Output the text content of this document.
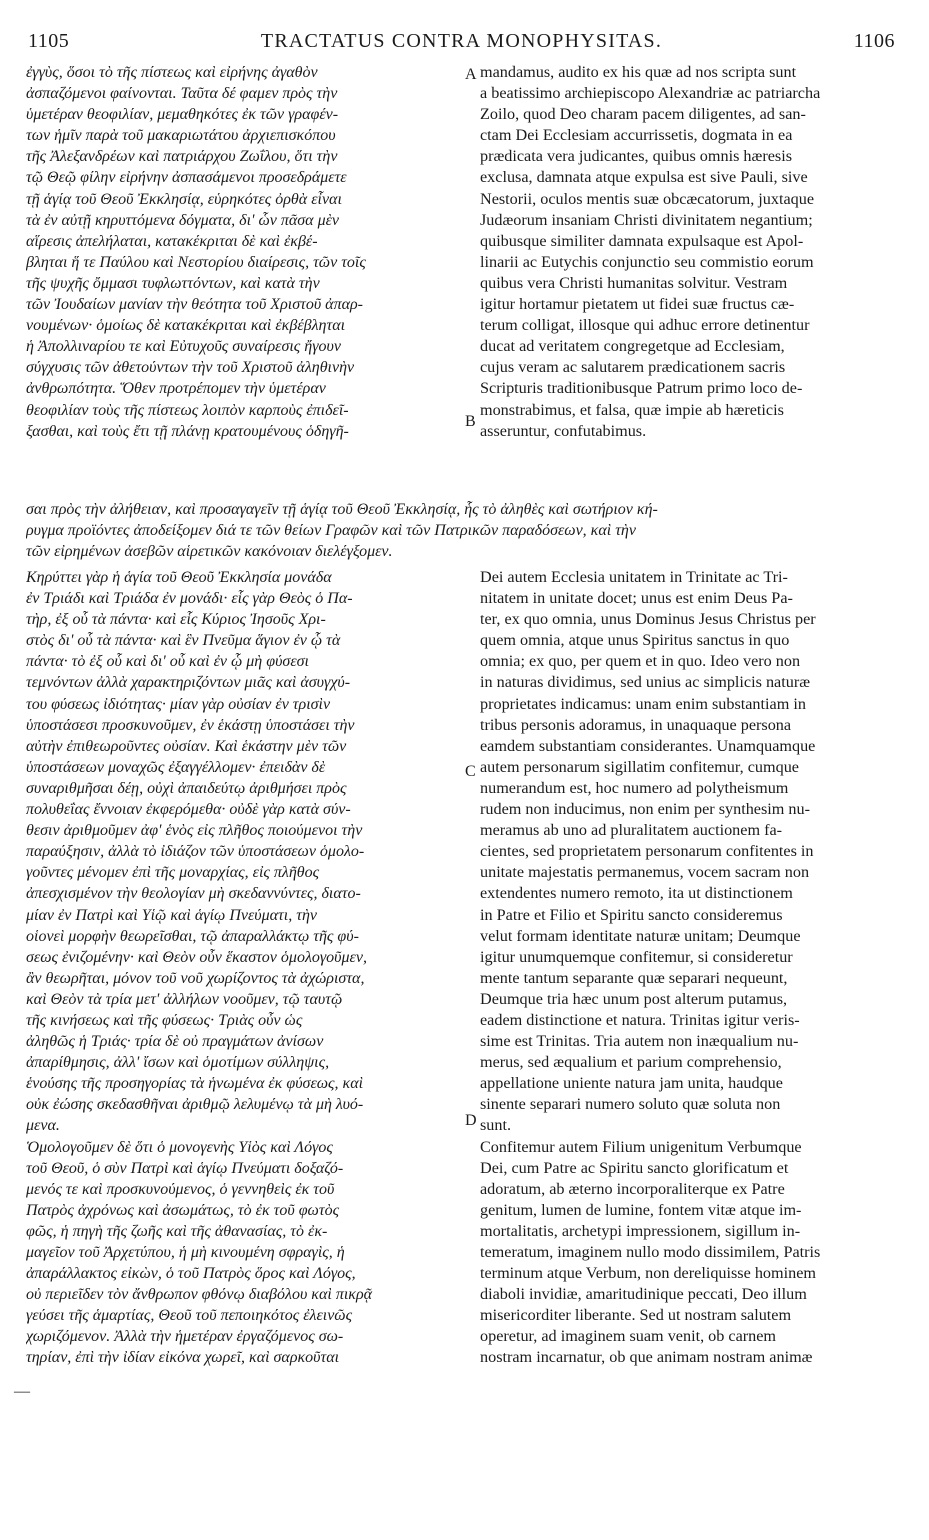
1105	TRACTATUS CONTRA MONOPHYSITAS.	1106
ἐγγὺς, ὅσοι τὸ τῆς πίστεως καὶ εἰρήνης ἀγαθὸν
ἀσπαζόμενοι φαίνονται. Ταῦτα δέ φαμεν πρὸς τὴν
ὑμετέραν θεοφιλίαν, μεμαθηκότες ἐκ τῶν γραφέν-
των ἡμῖν παρὰ τοῦ μακαριωτάτου ἀρχιεπισκόπου
τῆς Ἀλεξανδρέων καὶ πατριάρχου Ζωΐλου, ὅτι τὴν
τῷ Θεῷ φίλην εἰρήνην ἀσπασάμενοι προσεδράμετε
τῇ ἁγίᾳ τοῦ Θεοῦ Ἐκκλησίᾳ, εὑρηκότες ὀρθὰ εἶναι
τὰ ἐν αὐτῇ κηρυττόμενα δόγματα, δι' ὧν πᾶσα μὲν
αἵρεσις ἀπελήλαται, κατακέκριται δὲ καὶ ἐκβέ-
βληται ἥ τε Παύλου καὶ Νεστορίου διαίρεσις, τῶν τοῖς
τῆς ψυχῆς ὄμμασι τυφλωττόντων, καὶ κατὰ τὴν
τῶν Ἰουδαίων μανίαν τὴν θεότητα τοῦ Χριστοῦ ἀπαρ-
νουμένων· ὁμοίως δὲ κατακέκριται καὶ ἐκβέβληται
ἡ Ἀπολλιναρίου τε καὶ Εὐτυχοῦς συναίρεσις ἤγουν
σύγχυσις τῶν ἀθετούντων τὴν τοῦ Χριστοῦ ἀληθινὴν
ἀνθρωπότητα. Ὅθεν προτρέπομεν τὴν ὑμετέραν
θεοφιλίαν τοὺς τῆς πίστεως λοιπὸν καρποὺς ἐπιδεῖ-
ξασθαι, καὶ τοὺς ἔτι τῇ πλάνῃ κρατουμένους ὁδηγῆ-
mandamus, audito ex his quæ ad nos scripta sunt
a beatissimo archiepiscopo Alexandriæ ac patriarcha
Zoilo, quod Deo charam pacem diligentes, ad san-
ctam Dei Ecclesiam accurrissetis, dogmata in ea
prædicata vera judicantes, quibus omnis hæresis
exclusa, damnata atque expulsa est sive Pauli, sive
Nestorii, oculos mentis suæ obcæcatorum, juxtaque
Judæorum insaniam Christi divinitatem negantium;
quibusque similiter damnata expulsaque est Apol-
linarii ac Eutychis conjunctio seu commistio eorum
quibus vera Christi humanitas solvitur. Vestram
igitur hortamur pietatem ut fidei suæ fructus cæ-
terum colligat, illosque qui adhuc errore detinentur
ducat ad veritatem congregetque ad Ecclesiam,
cujus veram ac salutarem prædicationem sacris
Scripturis traditionibusque Patrum primo loco de-
monstrabimus, et falsa, quæ impie ab hæreticis
asseruntur, confutabimus.
A
B
σαι πρὸς τὴν ἀλήθειαν, καὶ προσαγαγεῖν τῇ ἁγίᾳ τοῦ Θεοῦ Ἐκκλησίᾳ, ἧς τὸ ἀληθὲς καὶ σωτήριον κή-
ρυγμα προϊόντες ἀποδείξομεν διά τε τῶν θείων Γραφῶν καὶ τῶν Πατρικῶν παραδόσεων, καὶ τὴν
τῶν εἰρημένων ἀσεβῶν αἱρετικῶν κακόνοιαν διελέγξομεν.
Κηρύττει γὰρ ἡ ἁγία τοῦ Θεοῦ Ἐκκλησία μονάδα
ἐν Τριάδι καὶ Τριάδα ἐν μονάδι· εἷς γὰρ Θεὸς ὁ Πα-
τὴρ, ἐξ οὗ τὰ πάντα· καὶ εἷς Κύριος Ἰησοῦς Χρι-
στὸς δι' οὗ τὰ πάντα· καὶ ἓν Πνεῦμα ἅγιον ἐν ᾧ τὰ
πάντα· τὸ ἐξ οὗ καὶ δι' οὗ καὶ ἐν ᾧ μὴ φύσεσι
τεμνόντων ἀλλὰ χαρακτηριζόντων μιᾶς καὶ ἀσυγχύ-
του φύσεως ἰδιότητας· μίαν γὰρ οὐσίαν ἐν τρισὶν
ὑποστάσεσι προσκυνοῦμεν, ἐν ἑκάστῃ ὑποστάσει τὴν
αὐτὴν ἐπιθεωροῦντες οὐσίαν. Καὶ ἑκάστην μὲν τῶν
ὑποστάσεων μοναχῶς ἐξαγγέλλομεν· ἐπειδὰν δὲ
συναριθμῆσαι δέῃ, οὐχὶ ἀπαιδεύτῳ ἀριθμήσει πρὸς
πολυθεΐας ἔννοιαν ἐκφερόμεθα· οὐδὲ γὰρ κατὰ σύν-
θεσιν ἀριθμοῦμεν ἀφ' ἑνὸς εἰς πλῆθος ποιούμενοι τὴν
παραύξησιν, ἀλλὰ τὸ ἰδιάζον τῶν ὑποστάσεων ὁμολο-
γοῦντες μένομεν ἐπὶ τῆς μοναρχίας, εἰς πλῆθος
ἀπεσχισμένον τὴν θεολογίαν μὴ σκεδαννύντες, διατο-
μίαν ἐν Πατρὶ καὶ Υἱῷ καὶ ἁγίῳ Πνεύματι, τὴν
οἱονεὶ μορφὴν θεωρεῖσθαι, τῷ ἀπαραλλάκτῳ τῆς φύ-
σεως ἐνιζομένην· καὶ Θεὸν οὖν ἕκαστον ὁμολογοῦμεν,
ἂν θεωρῆται, μόνον τοῦ νοῦ χωρίζοντος τὰ ἀχώριστα,
καὶ Θεὸν τὰ τρία μετ' ἀλλήλων νοοῦμεν, τῷ ταυτῷ
τῆς κινήσεως καὶ τῆς φύσεως· Τριὰς οὖν ὡς
ἀληθῶς ἡ Τριάς· τρία δὲ οὐ πραγμάτων ἀνίσων
ἀπαρίθμησις, ἀλλ' ἴσων καὶ ὁμοτίμων σύλληψις,
ἑνούσης τῆς προσηγορίας τὰ ἡνωμένα ἐκ φύσεως, καὶ
οὐκ ἐώσης σκεδασθῆναι ἀριθμῷ λελυμένῳ τὰ μὴ λυό-
μενα.
Ὁμολογοῦμεν δὲ ὅτι ὁ μονογενὴς Υἱὸς καὶ Λόγος
τοῦ Θεοῦ, ὁ σὺν Πατρὶ καὶ ἁγίῳ Πνεύματι δοξαζό-
μενός τε καὶ προσκυνούμενος, ὁ γεννηθεὶς ἐκ τοῦ
Πατρὸς ἀχρόνως καὶ ἀσωμάτως, τὸ ἐκ τοῦ φωτὸς
φῶς, ἡ πηγὴ τῆς ζωῆς καὶ τῆς ἀθανασίας, τὸ ἐκ-
μαγεῖον τοῦ Ἀρχετύπου, ἡ μὴ κινουμένη σφραγὶς, ἡ
ἀπαράλλακτος εἰκὼν, ὁ τοῦ Πατρὸς ὅρος καὶ Λόγος,
οὐ περιεῖδεν τὸν ἄνθρωπον φθόνῳ διαβόλου καὶ πικρᾷ
γεύσει τῆς ἁμαρτίας, Θεοῦ τοῦ πεποιηκότος ἐλεινῶς
χωριζόμενον. Ἀλλὰ τὴν ἡμετέραν ἐργαζόμενος σω-
τηρίαν, ἐπὶ τὴν ἰδίαν εἰκόνα χωρεῖ, καὶ σαρκοῦται
Dei autem Ecclesia unitatem in Trinitate ac Tri-
nitatem in unitate docet; unus est enim Deus Pa-
ter, ex quo omnia, unus Dominus Jesus Christus per
quem omnia, atque unus Spiritus sanctus in quo
omnia; ex quo, per quem et in quo. Ideo vero non
in naturas dividimus, sed unius ac simplicis naturæ
proprietates indicamus: unam enim substantiam in
tribus personis adoramus, in unaquaque persona
eamdem substantiam considerantes. Unamquamque
autem personarum sigillatim confitemur, cumque
numerandum est, hoc numero ad polytheismum
rudem non inducimus, non enim per synthesim nu-
meramus ab uno ad pluralitatem auctionem fa-
cientes, sed proprietatem personarum confitentes in
unitate majestatis permanemus, vocem sacram non
extendentes numero remoto, ita ut distinctionem
in Patre et Filio et Spiritu sancto consideremus
velut formam identitate naturæ unitam; Deumque
igitur unumquemque confitemur, si consideretur
mente tantum separante quæ separari nequeunt,
Deumque tria hæc unum post alterum putamus,
eadem distinctione et natura. Trinitas igitur veris-
sime est Trinitas. Tria autem non inæqualium nu-
merus, sed æqualium et parium comprehensio,
appellatione uniente natura jam unita, haudque
sinente separari numero soluto quæ soluta non
sunt.
Confitemur autem Filium unigenitum Verbumque
Dei, cum Patre ac Spiritu sancto glorificatum et
adoratum, ab æterno incorporaliterque ex Patre
genitum, lumen de lumine, fontem vitæ atque im-
mortalitatis, archetypi impressionem, sigillum in-
temeratum, imaginem nullo modo dissimilem, Patris
terminum atque Verbum, non dereliquisse hominem
diaboli invidiæ, amaritudinique peccati, Deo illum
misericorditer liberante. Sed ut nostram salutem
operetur, ad imaginem suam venit, ob carnem
nostram incarnatur, ob que animam nostram animæ
C
D
—
